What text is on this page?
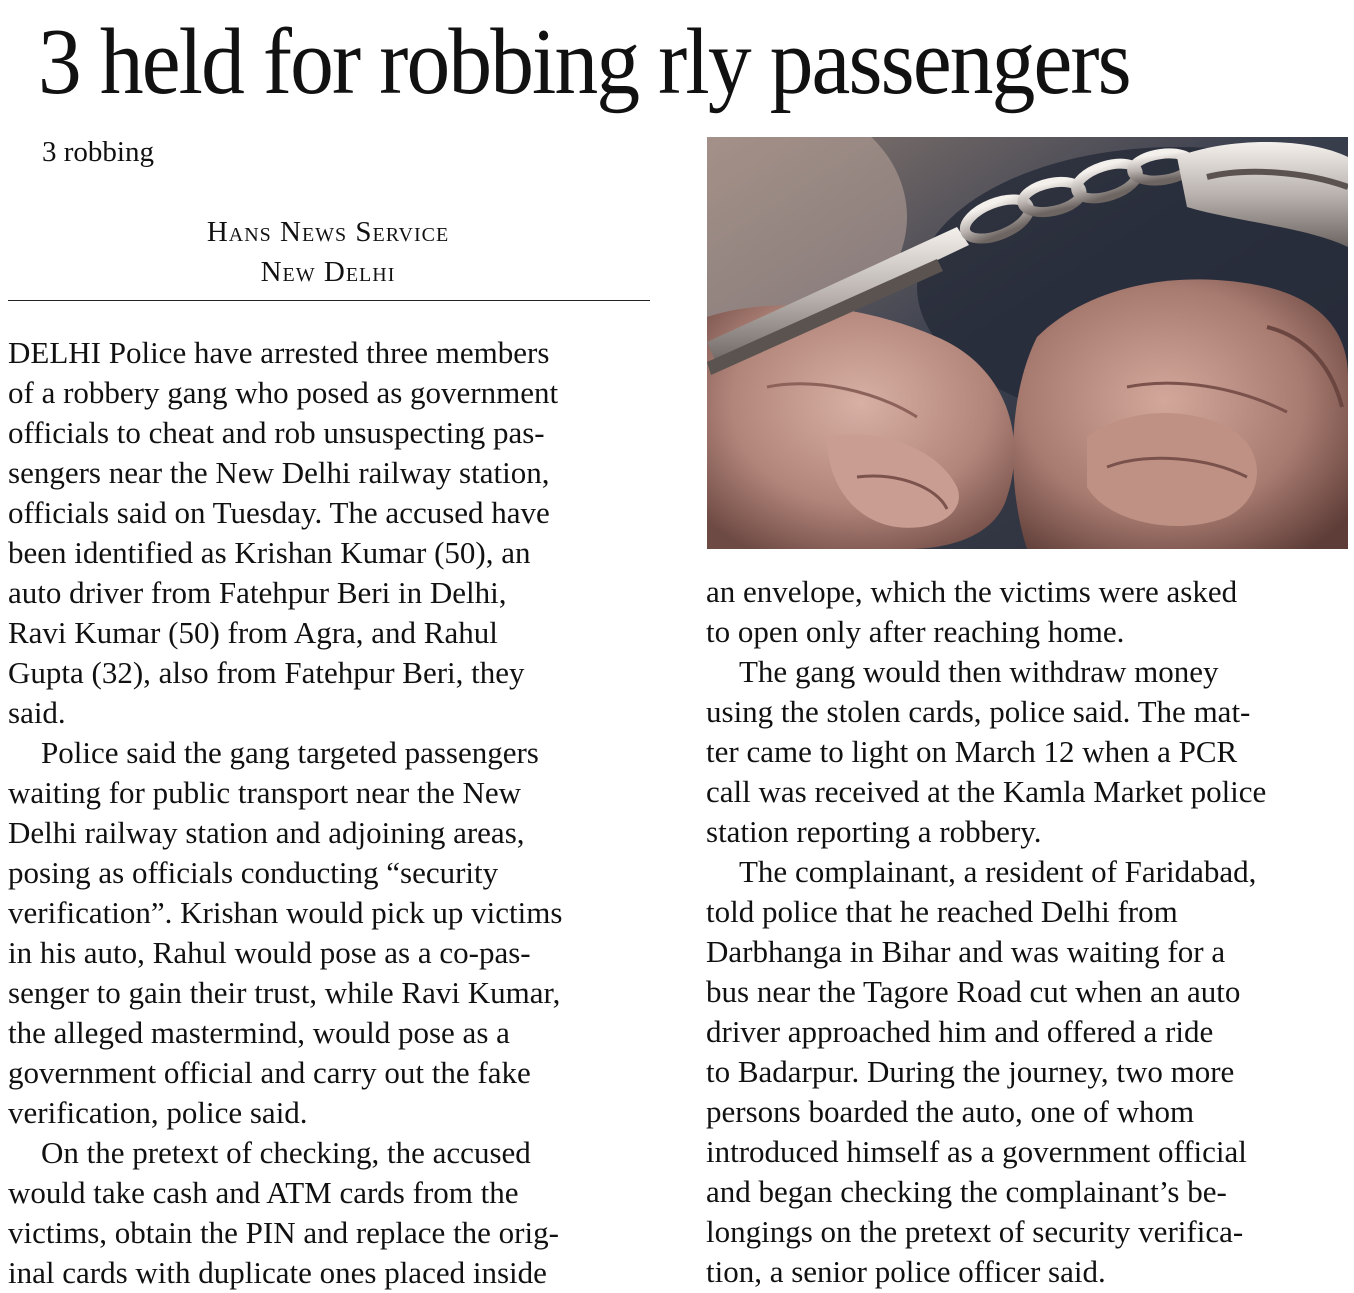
3 held for robbing rly passengers
3 robbing
Hans News Service
New Delhi
DELHI Police have arrested three members
of a robbery gang who posed as government
officials to cheat and rob unsuspecting pas-
sengers near the New Delhi railway station,
officials said on Tuesday. The accused have
been identified as Krishan Kumar (50), an
auto driver from Fatehpur Beri in Delhi,
Ravi Kumar (50) from Agra, and Rahul
Gupta (32), also from Fatehpur Beri, they
said.
Police said the gang targeted passengers
waiting for public transport near the New
Delhi railway station and adjoining areas,
posing as officials conducting “security
verification”. Krishan would pick up victims
in his auto, Rahul would pose as a co-pas-
senger to gain their trust, while Ravi Kumar,
the alleged mastermind, would pose as a
government official and carry out the fake
verification, police said.
On the pretext of checking, the accused
would take cash and ATM cards from the
victims, obtain the PIN and replace the orig-
inal cards with duplicate ones placed inside
an envelope, which the victims were asked
to open only after reaching home.
The gang would then withdraw money
using the stolen cards, police said. The mat-
ter came to light on March 12 when a PCR
call was received at the Kamla Market police
station reporting a robbery.
The complainant, a resident of Faridabad,
told police that he reached Delhi from
Darbhanga in Bihar and was waiting for a
bus near the Tagore Road cut when an auto
driver approached him and offered a ride
to Badarpur. During the journey, two more
persons boarded the auto, one of whom
introduced himself as a government official
and began checking the complainant’s be-
longings on the pretext of security verifica-
tion, a senior police officer said.
